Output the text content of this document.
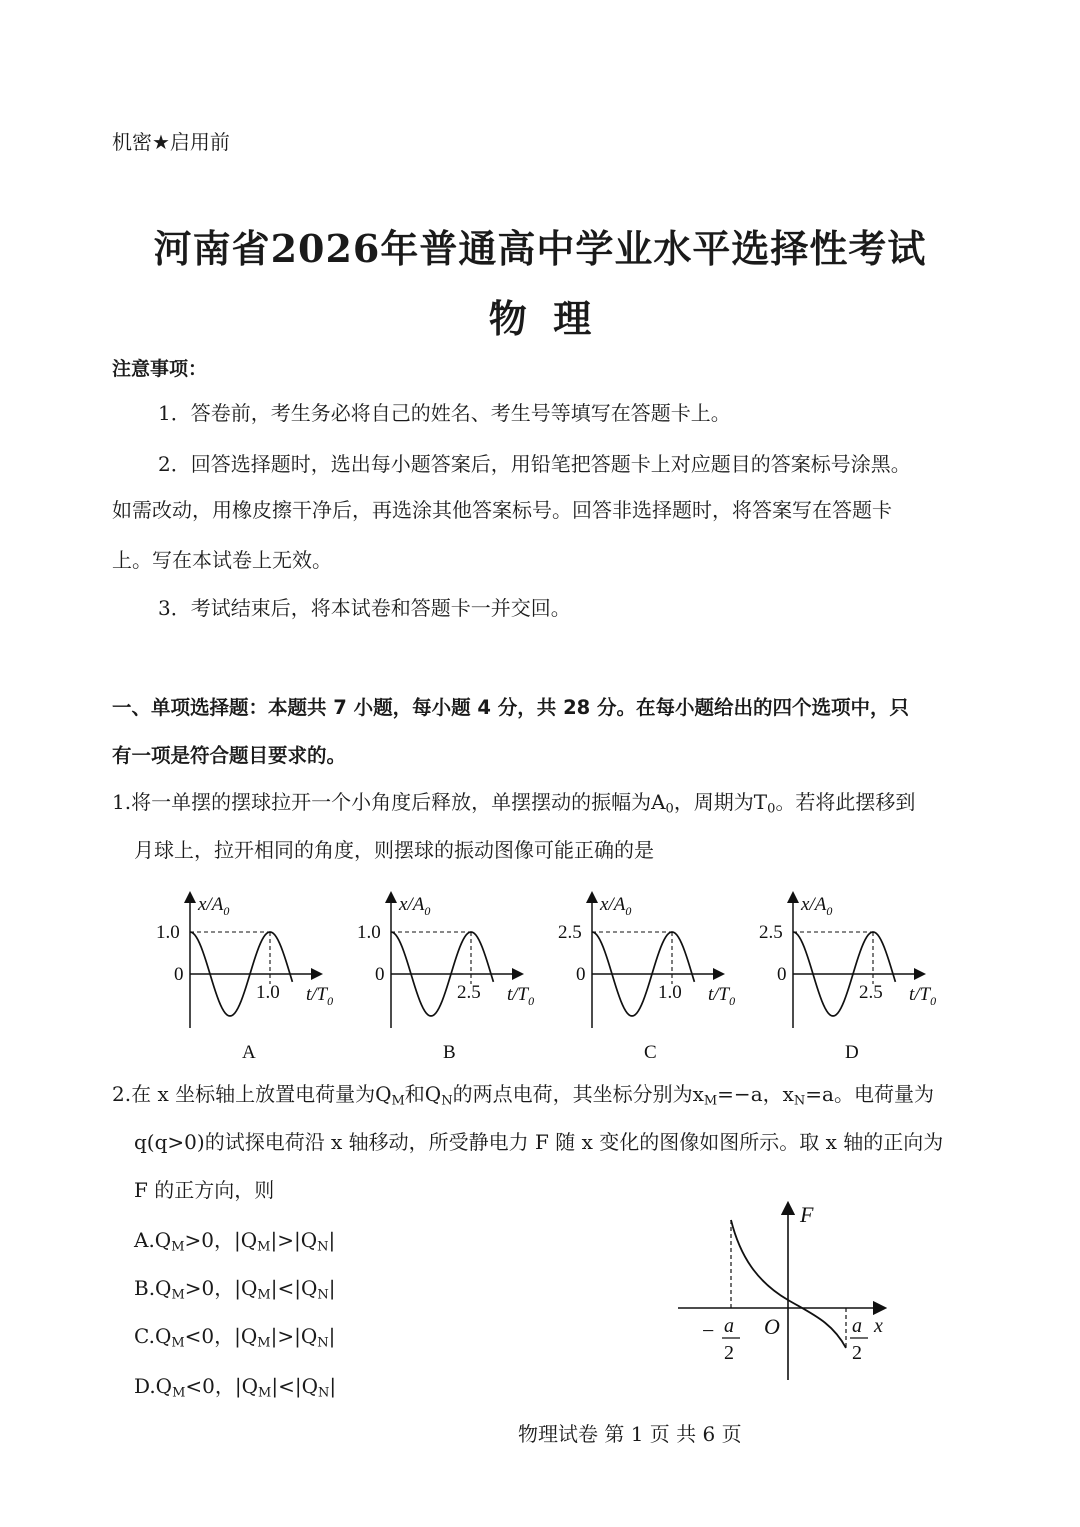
机密★启用前
河南省2026年普通高中学业水平选择性考试
物  理
注意事项：
1．答卷前，考生务必将自己的姓名、考生号等填写在答题卡上。
2．回答选择题时，选出每小题答案后，用铅笔把答题卡上对应题目的答案标号涂黑。
如需改动，用橡皮擦干净后，再选涂其他答案标号。回答非选择题时，将答案写在答题卡
上。写在本试卷上无效。
3．考试结束后，将本试卷和答题卡一并交回。
一、单项选择题：本题共 7 小题，每小题 4 分，共 28 分。在每小题给出的四个选项中，只
有一项是符合题目要求的。
1.将一单摆的摆球拉开一个小角度后释放，单摆摆动的振幅为$A_0$，周期为$T_0$。若将此摆移到
月球上，拉开相同的角度，则摆球的振动图像可能正确的是
$x/A_0$
1.0
0
1.0 $t/T_0$
A
$x/A_0$
1.0
0
2.5 $t/T_0$
B
$x/A_0$
2.5
0
1.0 $t/T_0$
C
$x/A_0$
2.5
0
2.5 $t/T_0$
D
2.在 x 坐标轴上放置电荷量为$Q_M$和$Q_N$的两点电荷，其坐标分别为$x_M=-a$，$x_N=a$。电荷量为
q(q>0)的试探电荷沿 x 轴移动，所受静电力 F 随 x 变化的图像如图所示。取 x 轴的正向为
F 的正方向，则
$A.Q_M>0$，$|Q_M|>|Q_N|$
$B.Q_M>0$，$|Q_M|<|Q_N|$
$C.Q_M<0$，$|Q_M|>|Q_N|$
$D.Q_M<0$，$|Q_M|<|Q_N|$
F
x
O
− a
2
a
2
物理试卷 第 1 页 共 6 页
